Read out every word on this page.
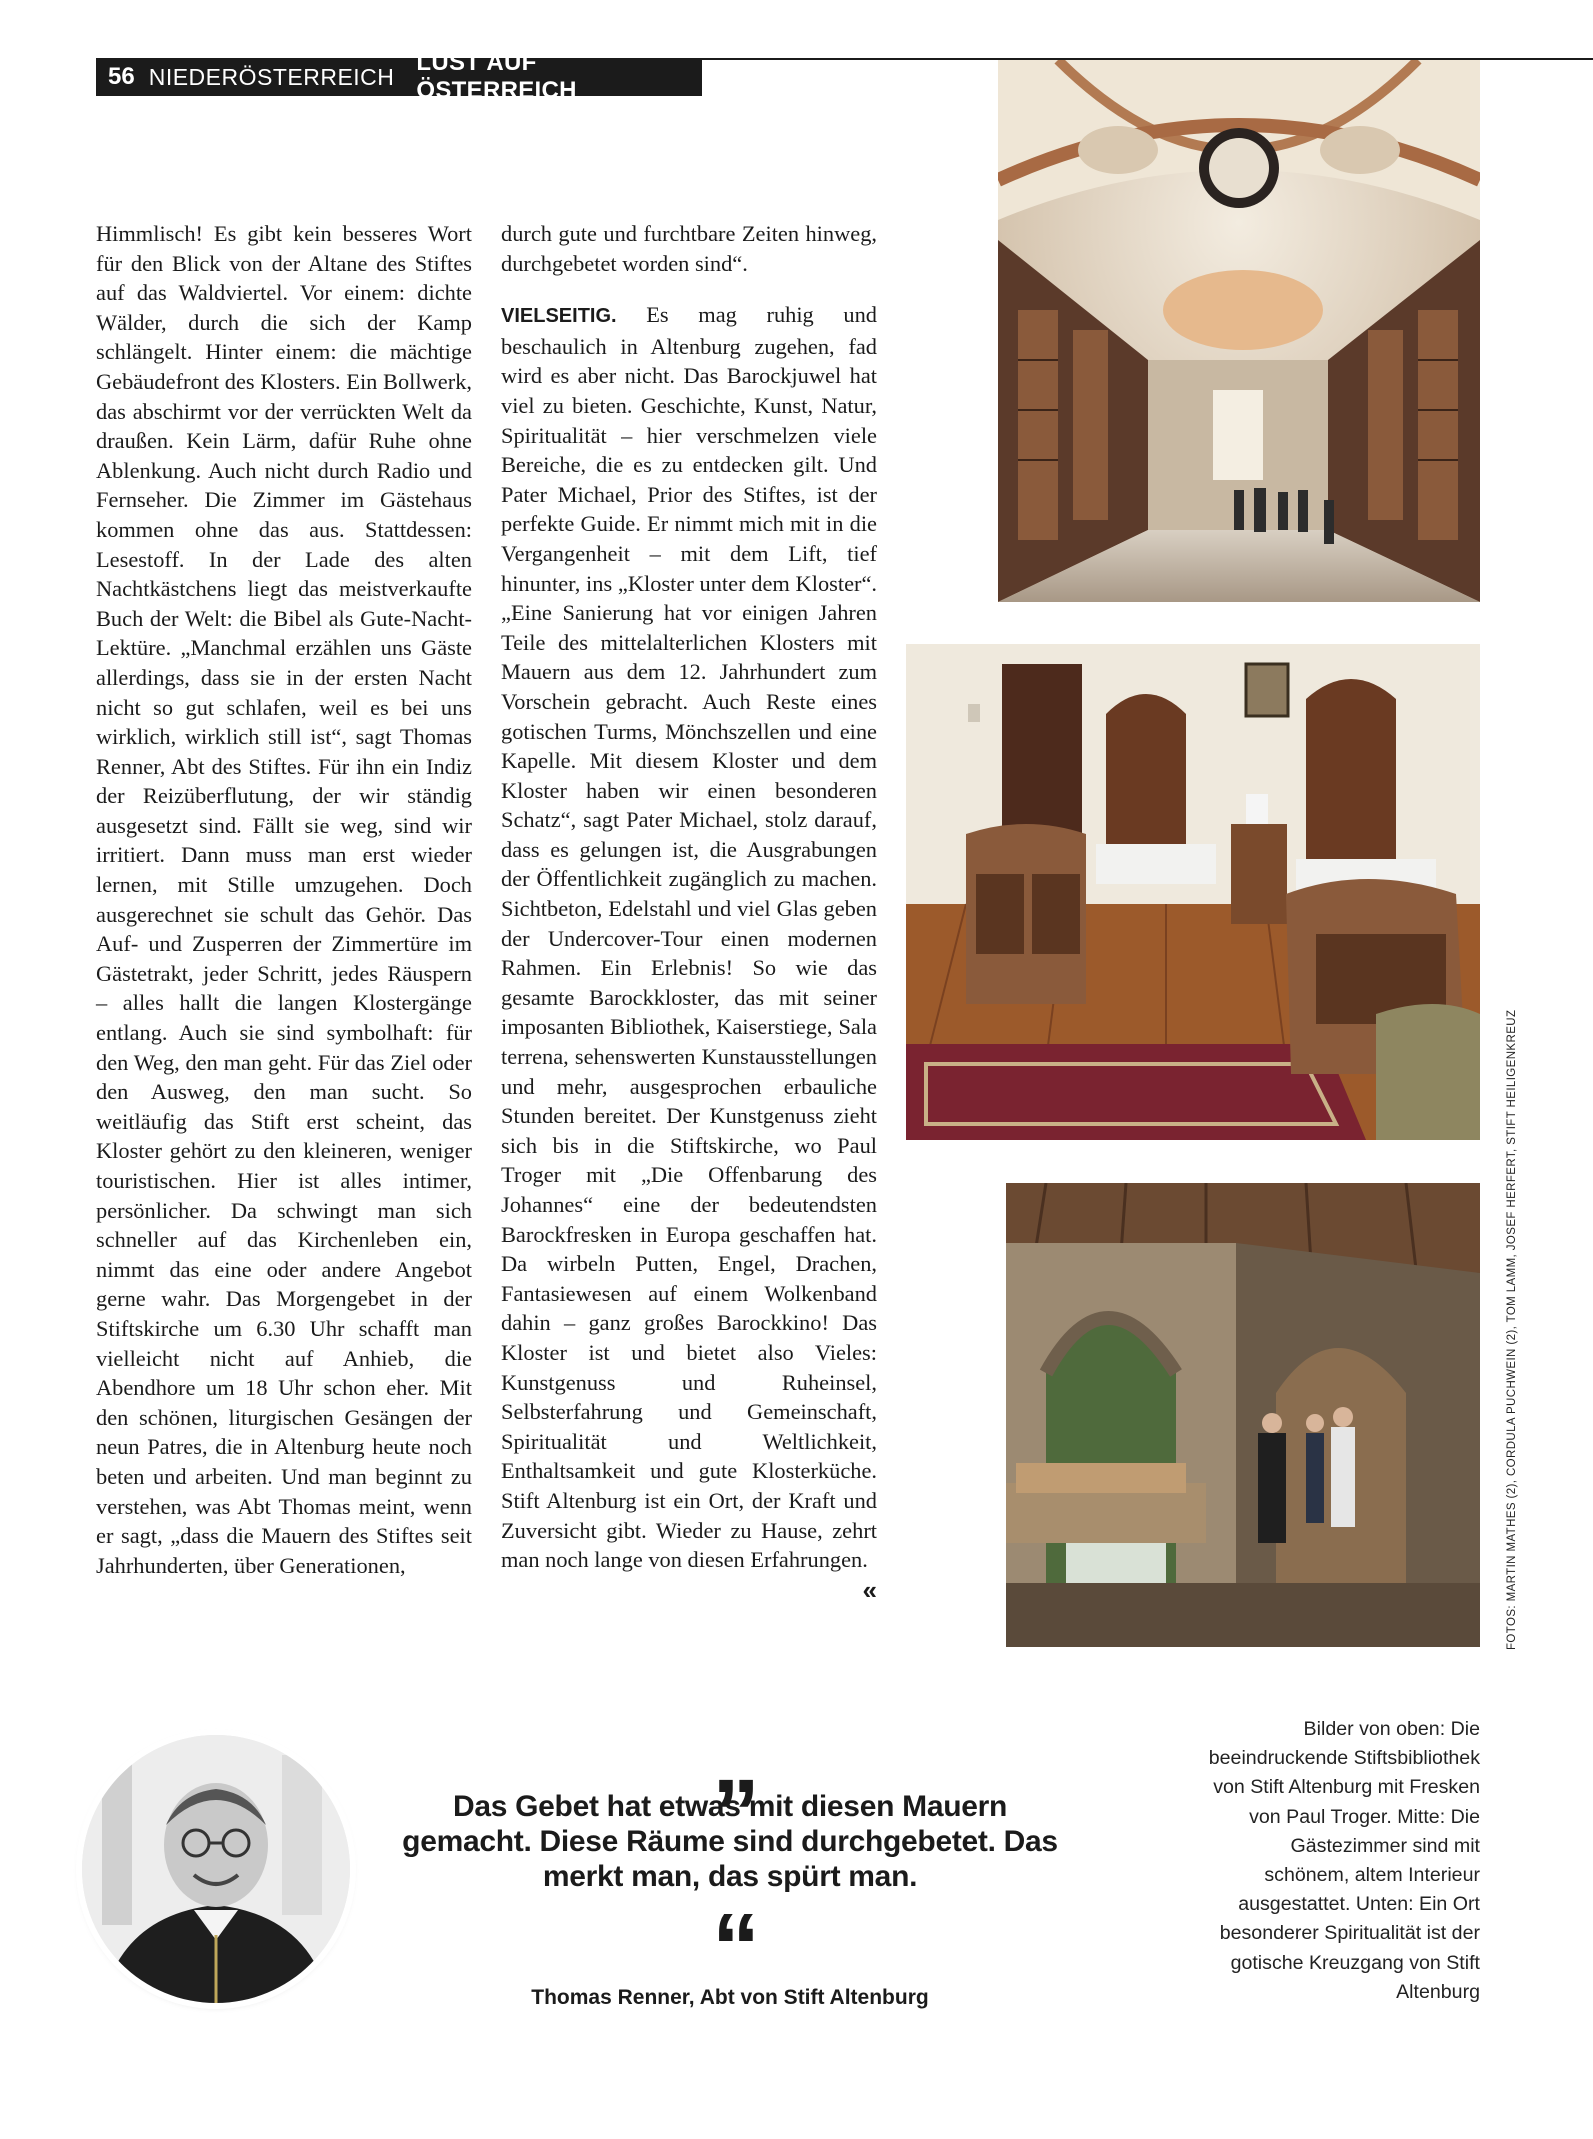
56 NIEDERÖSTERREICH
LUST AUF ÖSTERREICH

Himmlisch! Es gibt kein besseres Wort für den Blick von der Altane des Stiftes auf das Waldviertel. Vor einem: dichte Wälder, durch die sich der Kamp schlängelt. Hinter einem: die mächtige Gebäudefront des Klosters. Ein Bollwerk, das abschirmt vor der verrückten Welt da draußen. Kein Lärm, dafür Ruhe ohne Ablenkung. Auch nicht durch Radio und Fernseher. Die Zimmer im Gästehaus kommen ohne das aus. Stattdessen: Lesestoff. In der Lade des alten Nachtkästchens liegt das meistverkaufte Buch der Welt: die Bibel als Gute-Nacht-Lektüre. „Manchmal erzählen uns Gäste allerdings, dass sie in der ersten Nacht nicht so gut schlafen, weil es bei uns wirklich, wirklich still ist“, sagt Thomas Renner, Abt des Stiftes. Für ihn ein Indiz der Reizüberflutung, der wir ständig ausgesetzt sind. Fällt sie weg, sind wir irritiert. Dann muss man erst wieder lernen, mit Stille umzugehen. Doch ausgerechnet sie schult das Gehör. Das Auf- und Zusperren der Zimmertüre im Gästetrakt, jeder Schritt, jedes Räuspern – alles hallt die langen Klostergänge entlang. Auch sie sind symbolhaft: für den Weg, den man geht. Für das Ziel oder den Ausweg, den man sucht. So weitläufig das Stift erst scheint, das Kloster gehört zu den kleineren, weniger touristischen. Hier ist alles intimer, persönlicher. Da schwingt man sich schneller auf das Kirchenleben ein, nimmt das eine oder andere Angebot gerne wahr. Das Morgengebet in der Stiftskirche um 6.30 Uhr schafft man vielleicht nicht auf Anhieb, die Abendhore um 18 Uhr schon eher. Mit den schönen, liturgischen Gesängen der neun Patres, die in Altenburg heute noch beten und arbeiten. Und man beginnt zu verstehen, was Abt Thomas meint, wenn er sagt, „dass die Mauern des Stiftes seit Jahrhunderten, über Generationen,

durch gute und furchtbare Zeiten hinweg, durchgebetet worden sind“.

VIELSEITIG. Es mag ruhig und beschaulich in Altenburg zugehen, fad wird es aber nicht. Das Barockjuwel hat viel zu bieten. Geschichte, Kunst, Natur, Spiritualität – hier verschmelzen viele Bereiche, die es zu entdecken gilt. Und Pater Michael, Prior des Stiftes, ist der perfekte Guide. Er nimmt mich mit in die Vergangenheit – mit dem Lift, tief hinunter, ins „Kloster unter dem Kloster“. „Eine Sanierung hat vor einigen Jahren Teile des mittelalterlichen Klosters mit Mauern aus dem 12. Jahrhundert zum Vorschein gebracht. Auch Reste eines gotischen Turms, Mönchszellen und eine Kapelle. Mit diesem Kloster und dem Kloster haben wir einen besonderen Schatz“, sagt Pater Michael, stolz darauf, dass es gelungen ist, die Ausgrabungen der Öffentlichkeit zugänglich zu machen. Sichtbeton, Edelstahl und viel Glas geben der Undercover-Tour einen modernen Rahmen. Ein Erlebnis! So wie das gesamte Barockkloster, das mit seiner imposanten Bibliothek, Kaiserstiege, Sala terrena, sehenswerten Kunstausstellungen und mehr, ausgesprochen erbauliche Stunden bereitet. Der Kunstgenuss zieht sich bis in die Stiftskirche, wo Paul Troger mit „Die Offenbarung des Johannes“ eine der bedeutendsten Barockfresken in Europa geschaffen hat. Da wirbeln Putten, Engel, Drachen, Fantasiewesen auf einem Wolkenband dahin – ganz großes Barockkino! Das Kloster ist und bietet also Vieles: Kunstgenuss und Ruheinsel, Selbsterfahrung und Gemeinschaft, Spiritualität und Weltlichkeit, Enthaltsamkeit und gute Klosterküche. Stift Altenburg ist ein Ort, der Kraft und Zuversicht gibt. Wieder zu Hause, zehrt man noch lange von diesen Erfahrungen.
«	FOTOS: MARTIN MATHES (2), CORDULA PUCHWEIN (2), TOM LAMM, JOSEF HERFERT, STIFT HEILIGENKREUZ
„
Das Gebet hat etwas mit diesen Mauern gemacht. Diese Räume sind durchgebetet. Das merkt man, das spürt man.
“
Thomas Renner, Abt von Stift Altenburg
Bilder von oben: Die beeindruckende Stiftsbibliothek von Stift Altenburg mit Fresken von Paul Troger. Mitte: Die Gästezimmer sind mit schönem, altem Interieur ausgestattet. Unten: Ein Ort besonderer Spiritualität ist der gotische Kreuzgang von Stift Altenburg
